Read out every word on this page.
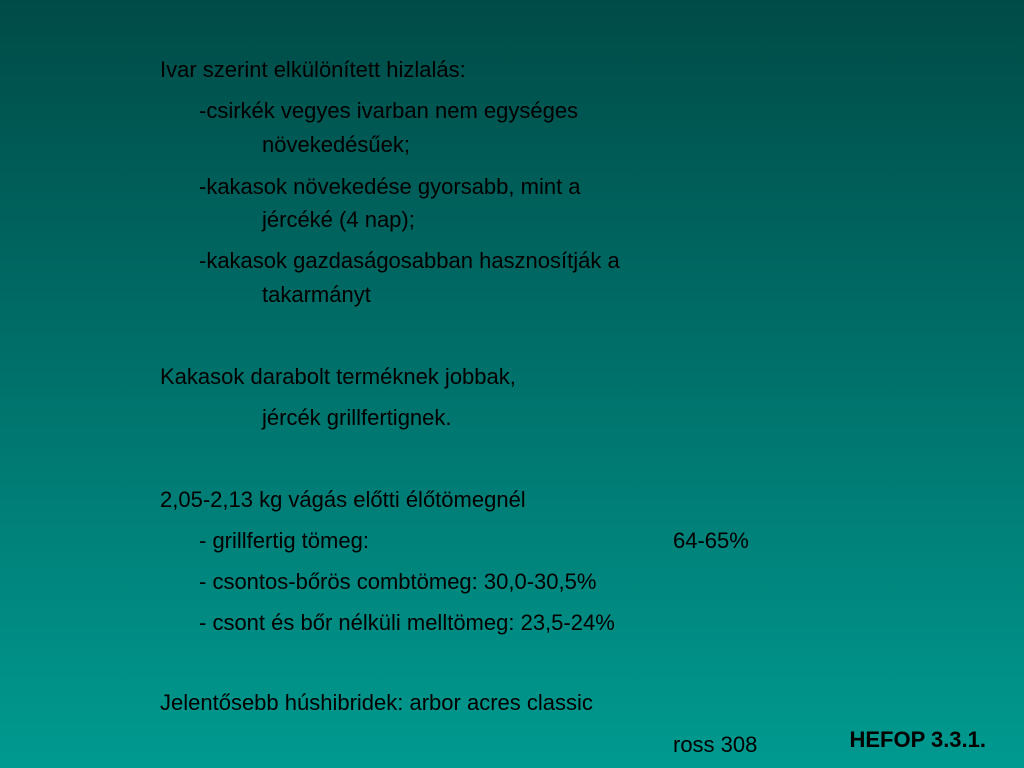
Ivar szerint elkülönített hizlalás:
-csirkék vegyes ivarban nem egységes
növekedésűek;
-kakasok növekedése gyorsabb, mint a
jércéké (4 nap);
-kakasok gazdaságosabban hasznosítják a
takarmányt
Kakasok darabolt terméknek jobbak,
jércék grillfertignek.
2,05-2,13 kg vágás előtti élőtömegnél
- grillfertig tömeg:	64-65%
- csontos-bőrös combtömeg: 30,0-30,5%
- csont és bőr nélküli melltömeg: 23,5-24%
Jelentősebb húshibridek: arbor acres classic
ross 308	HEFOP 3.3.1.
